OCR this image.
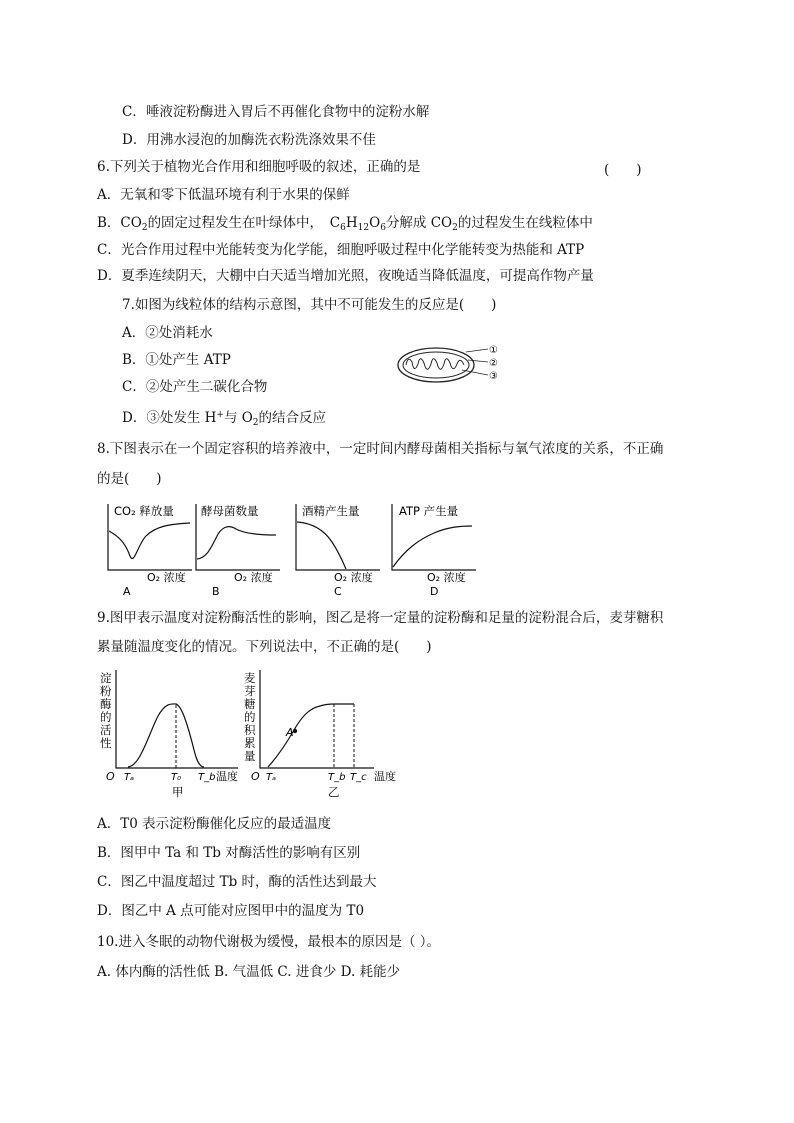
C．唾液淀粉酶进入胃后不再催化食物中的淀粉水解
D．用沸水浸泡的加酶洗衣粉洗涤效果不佳
6.下列关于植物光合作用和细胞呼吸的叙述，正确的是	(　　)
A．无氧和零下低温环境有利于水果的保鲜
B．$CO_2$的固定过程发生在叶绿体中，　$C_6H_{12}O_6$分解成 $CO_2$的过程发生在线粒体中
C．光合作用过程中光能转变为化学能，细胞呼吸过程中化学能转变为热能和 ATP
D．夏季连续阴天，大棚中白天适当增加光照，夜晚适当降低温度，可提高作物产量
7.如图为线粒体的结构示意图，其中不可能发生的反应是(　　)
A．②处消耗水
B．①处产生 ATP
C．②处产生二碳化合物
D．③处发生 H+与 $O_2$的结合反应
①
②
③
8.下图表示在一个固定容积的培养液中，一定时间内酵母菌相关指标与氧气浓度的关系，不正确
的是(　　)
CO₂ 释放量
O₂ 浓度
A
酵母菌数量
O₂ 浓度
B
酒精产生量
O₂ 浓度
C
ATP 产生量
O₂ 浓度
D
9.图甲表示温度对淀粉酶活性的影响，图乙是将一定量的淀粉酶和足量的淀粉混合后，麦芽糖积
累量随温度变化的情况。下列说法中，不正确的是(　　)
淀
粉
酶
的
活
性
O Tₐ	T₀ T_b 温度
甲
麦
芽
糖
的
积
累
量
A
O Tₐ	T_b T_c 温度
乙
A．T0 表示淀粉酶催化反应的最适温度
B．图甲中 Ta 和 Tb 对酶活性的影响有区别
C．图乙中温度超过 Tb 时，酶的活性达到最大
D．图乙中 A 点可能对应图甲中的温度为 T0
10.进入冬眠的动物代谢极为缓慢，最根本的原因是（ ）。
A. 体内酶的活性低 B. 气温低 C. 进食少 D. 耗能少
